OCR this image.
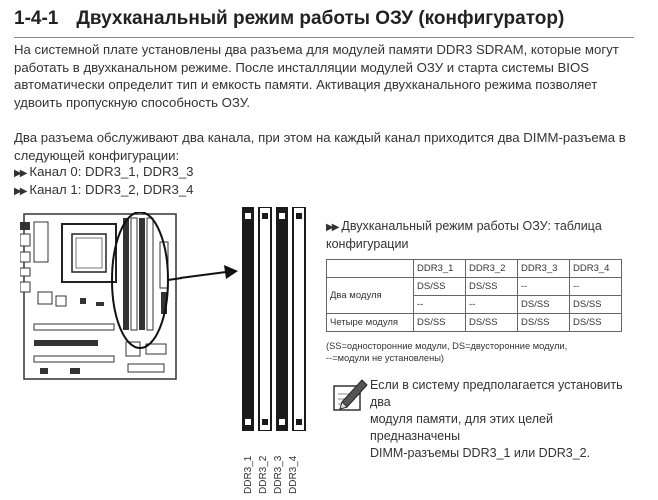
1-4-1 Двухканальный режим работы ОЗУ (конфигуратор)
На системной плате установлены два разъема для модулей памяти DDR3 SDRAM, которые могут
работать в двухканальном режиме. После инсталляции модулей ОЗУ и старта системы BIOS
автоматически определит тип и емкость памяти. Активация двухканального режима позволяет
удвоить пропускную способность ОЗУ.
Два разъема обслуживают два канала, при этом на каждый канал приходится два DIMM-разъема в
следующей конфигурации:
▶▶ Канал 0: DDR3_1, DDR3_3
▶▶ Канал 1: DDR3_2, DDR3_4
DDR3_1 DDR3_2 DDR3_3 DDR3_4
▶▶ Двухканальный режим работы ОЗУ: таблица
конфигурации
	DDR3_1	DDR3_2	DDR3_3	DDR3_4
Два модуля	DS/SS	DS/SS	--	--
	--	--	DS/SS	DS/SS
Четыре модуля	DS/SS	DS/SS	DS/SS	DS/SS
(SS=односторонние модули, DS=двусторонние модули,
--=модули не установлены)
Если в систему предполагается установить два
модуля памяти, для этих целей предназначены
DIMM-разъемы DDR3_1 или DDR3_2.
